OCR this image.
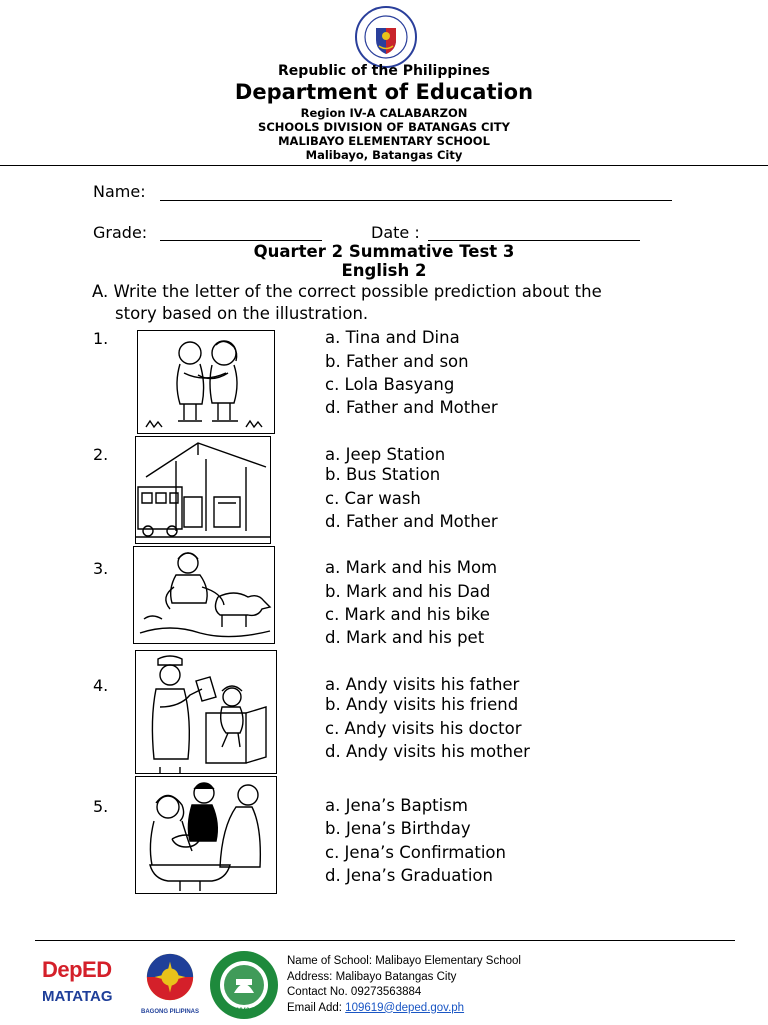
Republic of the Philippines
Department of Education
Region IV-A CALABARZON
SCHOOLS DIVISION OF BATANGAS CITY
MALIBAYO ELEMENTARY SCHOOL
Malibayo, Batangas City
Name:
Grade:	Date :
Quarter 2 Summative Test 3
English 2
A. Write the letter of the correct possible prediction about the
story based on the illustration.
1.	a. Tina and Dina
b. Father and son
c. Lola Basyang
d. Father and Mother
2.	a. Jeep Station
b. Bus Station
c. Car wash
d. Father and Mother
3.	a. Mark and his Mom
b. Mark and his Dad
c. Mark and his bike
d. Mark and his pet
4.	a. Andy visits his father
b. Andy visits his friend
c. Andy visits his doctor
d. Andy visits his mother
5.	a. Jena’s Baptism
b. Jena’s Birthday
c. Jena’s Confirmation
d. Jena’s Graduation
DepED
MATATAG
BAGONG PILIPINAS	1946
Name of School: Malibayo Elementary School
Address: Malibayo Batangas City
Contact No. 09273563884
Email Add: 109619@deped.gov.ph
